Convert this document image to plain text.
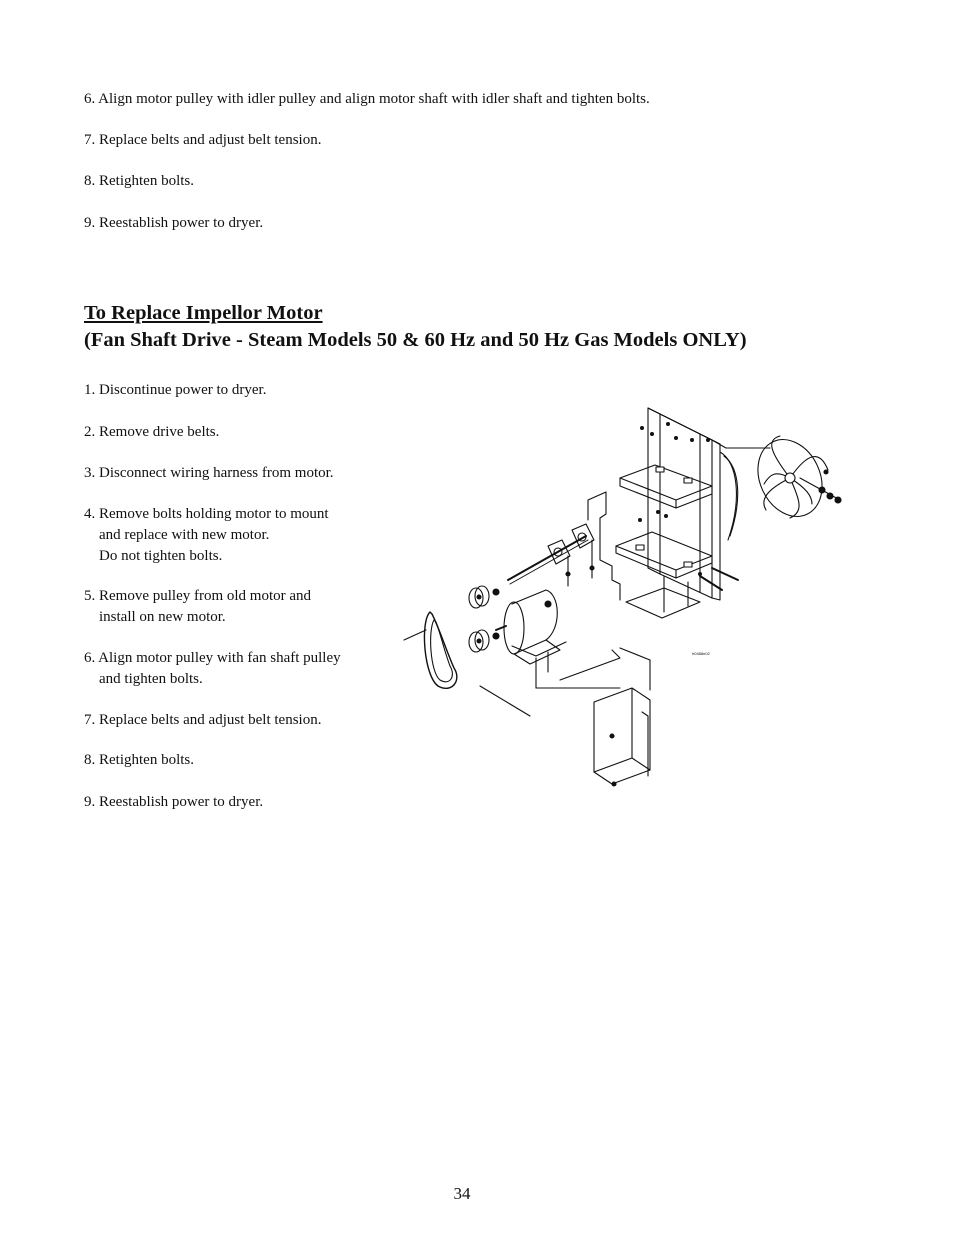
6. Align motor pulley with idler pulley and align motor shaft with idler shaft and tighten bolts.

7. Replace belts and adjust belt tension.

8. Retighten bolts.

9. Reestablish power to dryer.

To Replace Impellor Motor
(Fan Shaft Drive - Steam Models 50 & 60 Hz and 50 Hz Gas Models ONLY)

1. Discontinue power to dryer.

2. Remove drive belts.

3. Disconnect wiring harness from motor.

4. Remove bolts holding motor to mount
and replace with new motor.
Do not tighten bolts.

5. Remove pulley from old motor and
install on new motor.

6. Align motor pulley with fan shaft pulley
and tighten bolts.

7. Replace belts and adjust belt tension.

8. Retighten bolts.

9. Reestablish power to dryer.

h0488e02
34
